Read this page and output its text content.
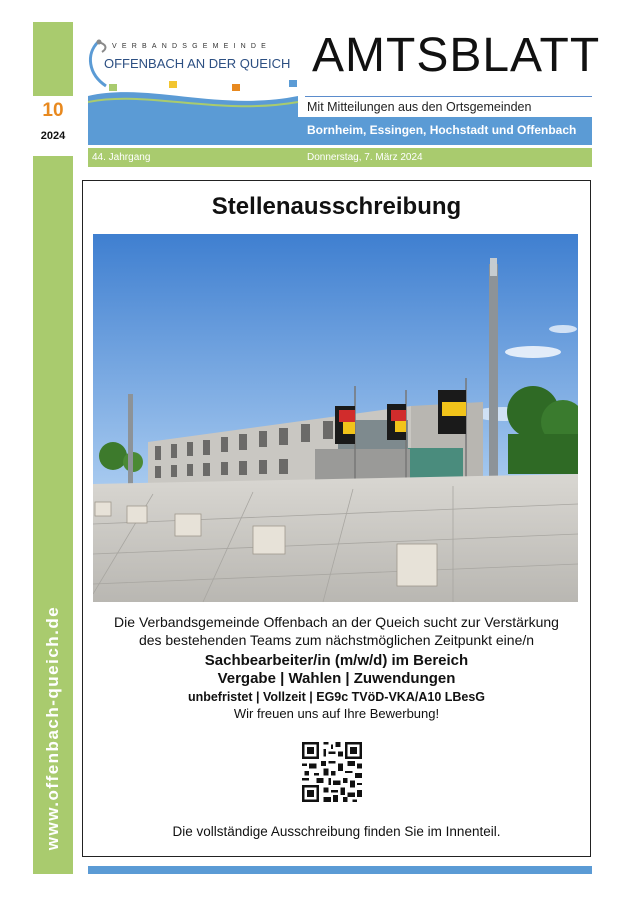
10
2024
www.offenbach-queich.de
VERBANDSGEMEINDE
OFFENBACH AN DER QUEICH AMTSBLATT
Mit Mitteilungen aus den Ortsgemeinden
Bornheim, Essingen, Hochstadt und Offenbach
44. Jahrgang	Donnerstag, 7. März 2024
Stellenausschreibung
Die Verbandsgemeinde Offenbach an der Queich sucht zur Verstärkung
des bestehenden Teams zum nächstmöglichen Zeitpunkt eine/n
Sachbearbeiter/in (m/w/d) im Bereich
Vergabe | Wahlen | Zuwendungen
unbefristet | Vollzeit | EG9c TVöD-VKA/A10 LBesG
Wir freuen uns auf Ihre Bewerbung!
Die vollständige Ausschreibung finden Sie im Innenteil.
